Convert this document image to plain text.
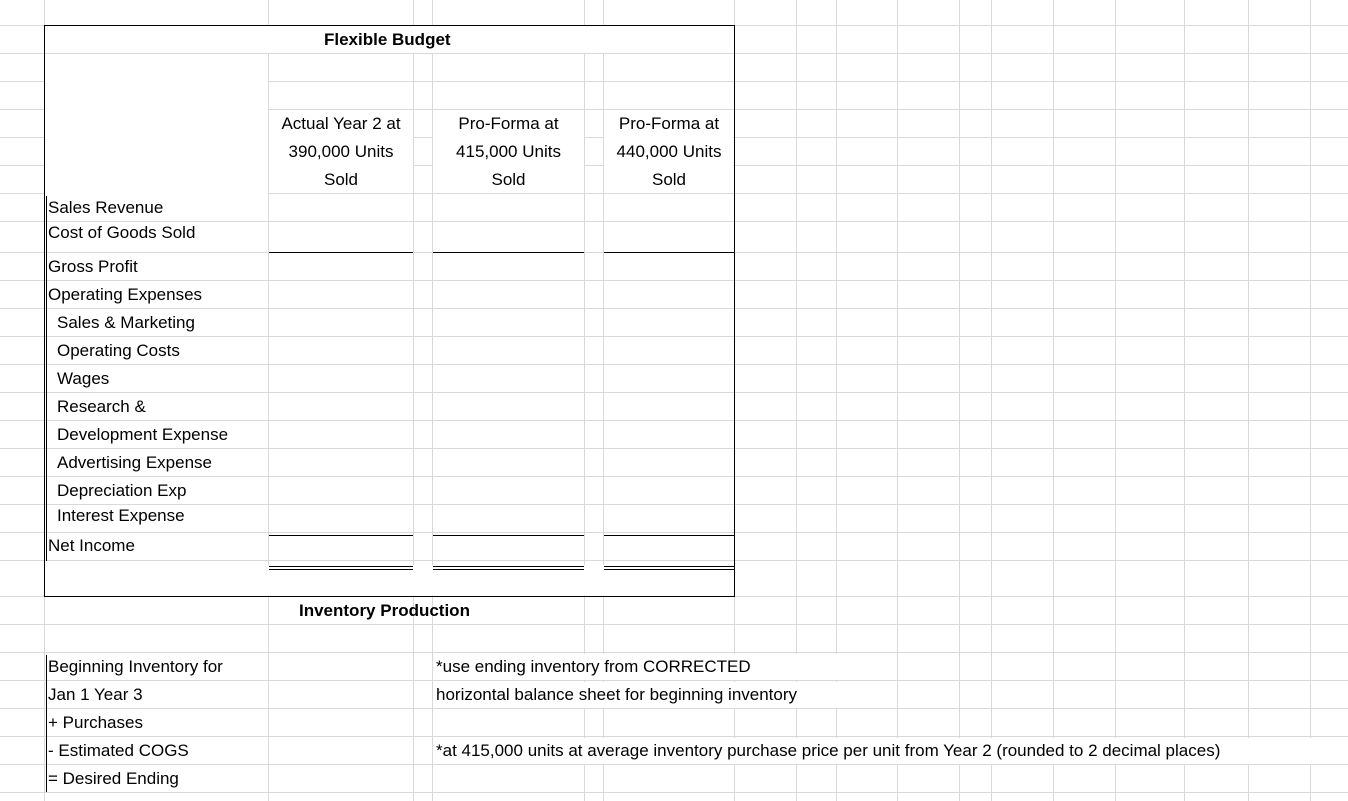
Flexible Budget
Actual Year 2 at
390,000 Units
Sold
Pro-Forma at
415,000 Units
Sold
Pro-Forma at
440,000 Units
Sold
Sales Revenue
Cost of Goods Sold
Gross Profit
Operating Expenses
Sales & Marketing
Operating Costs
Wages
Research &
Development Expense
Advertising Expense
Depreciation Exp
Interest Expense
Net Income
Inventory Production
Beginning Inventory for
Jan 1 Year 3
+ Purchases
- Estimated COGS
= Desired Ending
*use ending inventory from CORRECTED
horizontal balance sheet for beginning inventory
*at 415,000 units at average inventory purchase price per unit from Year 2 (rounded to 2 decimal places)
